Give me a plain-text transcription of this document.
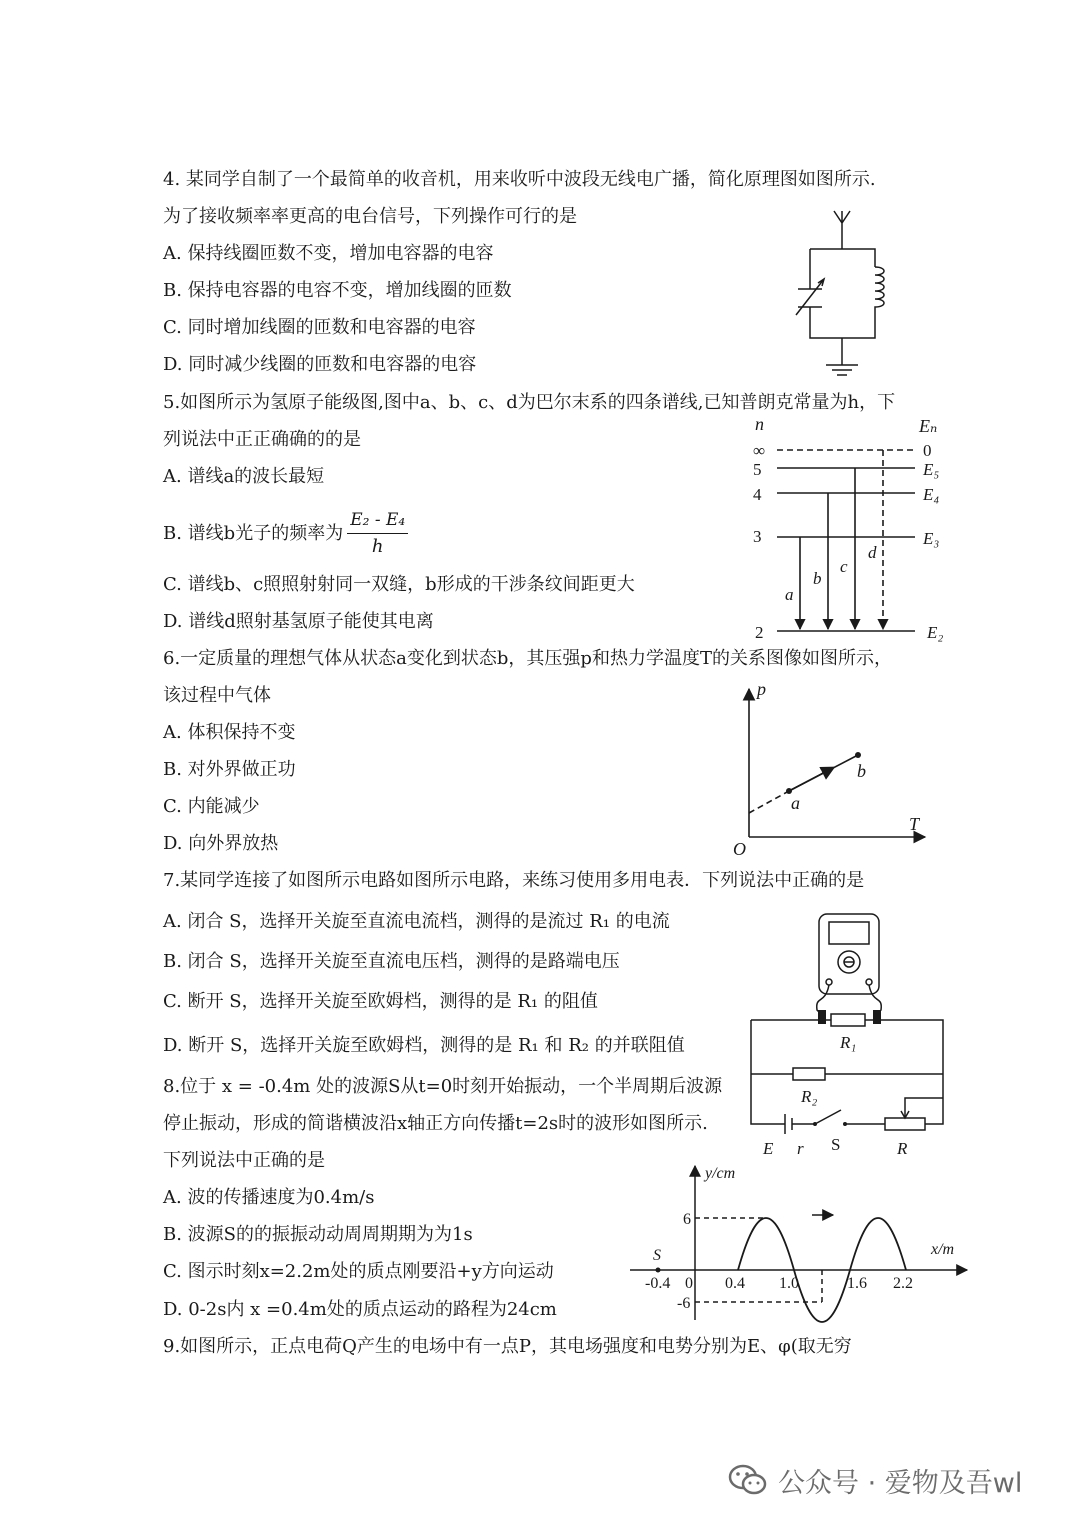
4. 某同学自制了一个最简单的收音机，用来收听中波段无线电广播，简化原理图如图所示.
为了接收频率率更高的电台信号，下列操作可行的是
A. 保持线圈匝数不变，增加电容器的电容
B. 保持电容器的电容不变，增加线圈的匝数
C. 同时增加线圈的匝数和电容器的电容
D. 同时减少线圈的匝数和电容器的电容
5.如图所示为氢原子能级图,图中a、b、c、d为巴尔末系的四条谱线,已知普朗克常量为h，下
列说法中正正确确的的是
A. 谱线a的波长最短
B. 谱线b光子的频率为 $\frac{\text{E₂ - E₄}}{h}$
C. 谱线b、c照照射射同一双缝，b形成的干涉条纹间距更大
D. 谱线d照射基氢原子能使其电离
n	Eₙ
∞
5
4
3
2
0
E₅
E₄
E₃
E₂
a
b
c
d
6.一定质量的理想气体从状态a变化到状态b，其压强p和热力学温度T的关系图像如图所示，
该过程中气体
A. 体积保持不变
B. 对外界做正功
C. 内能减少
D. 向外界放热
p
T
O
a
b
7.某同学连接了如图所示电路如图所示电路，来练习使用多用电表．下列说法中正确的是
A. 闭合 S，选择开关旋至直流电流档，测得的是流过 R₁ 的电流
B. 闭合 S，选择开关旋至直流电压档，测得的是路端电压
C. 断开 S，选择开关旋至欧姆档，测得的是 R₁ 的阻值
D. 断开 S，选择开关旋至欧姆档，测得的是 R₁ 和 R₂ 的并联阻值	R₁
R₂
E r	R
S
8.位于 x = -0.4m 处的波源S从t=0时刻开始振动，一个半周期后波源
停止振动，形成的简谐横波沿x轴正方向传播t=2s时的波形如图所示.
下列说法中正确的是
A. 波的传播速度为0.4m/s
B. 波源S的的振振动动周周期期为为1s
C. 图示时刻x=2.2m处的质点刚要沿+y方向运动
D. 0-2s内 x =0.4m处的质点运动的路程为24cm
y/cm
x/m
S
-0.4 0 0.4 1.0	1.6 2.2
6
-6
9.如图所示，正点电荷Q产生的电场中有一点P，其电场强度和电势分别为E、φ(取无穷
公众号 · 爱物及吾wl
